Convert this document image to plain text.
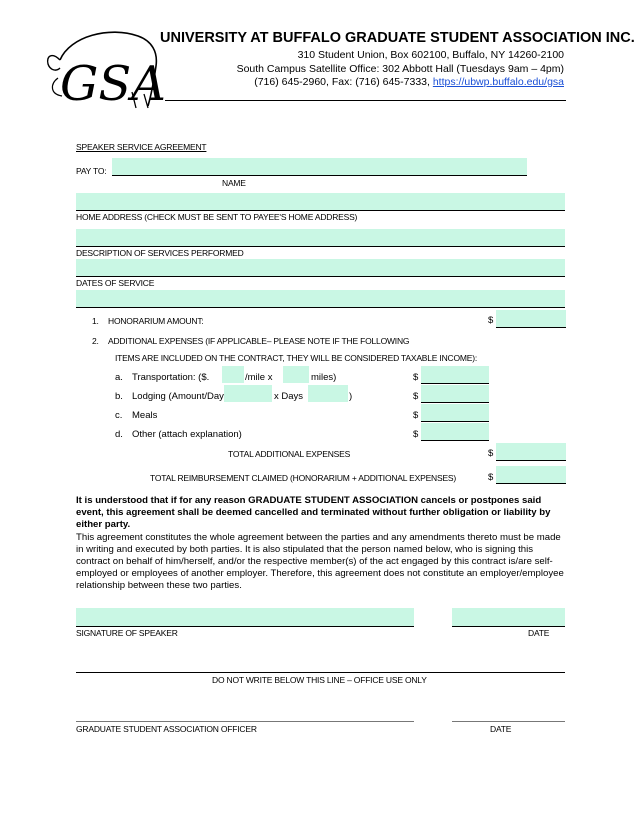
GSA
UNIVERSITY AT BUFFALO GRADUATE STUDENT ASSOCIATION INC.
310 Student Union, Box 602100, Buffalo, NY 14260-2100
South Campus Satellite Office: 302 Abbott Hall (Tuesdays 9am – 4pm)
(716) 645-2960, Fax: (716) 645-7333, https://ubwp.buffalo.edu/gsa
SPEAKER SERVICE AGREEMENT
PAY TO:
NAME
HOME ADDRESS (CHECK MUST BE SENT TO PAYEE'S HOME ADDRESS)
DESCRIPTION OF SERVICES PERFORMED
DATES OF SERVICE
1. HONORARIUM AMOUNT:	$
2. ADDITIONAL EXPENSES (IF APPLICABLE– PLEASE NOTE IF THE FOLLOWING
ITEMS ARE INCLUDED ON THE CONTRACT, THEY WILL BE CONSIDERED TAXABLE INCOME):
a. Transportation: ($.	/mile x	miles)	$
b. Lodging (Amount/Day	x Days	)	$
c. Meals	$
d. Other (attach explanation)	$
TOTAL ADDITIONAL EXPENSES	$
TOTAL REIMBURSEMENT CLAIMED (HONORARIUM + ADDITIONAL EXPENSES)	$
It is understood that if for any reason GRADUATE STUDENT ASSOCIATION cancels or postpones said event, this agreement shall be deemed cancelled and terminated without further obligation or liability by either party.
This agreement constitutes the whole agreement between the parties and any amendments thereto must be made in writing and executed by both parties. It is also stipulated that the person named below, who is signing this contract on behalf of him/herself, and/or the respective member(s) of the act engaged by this contract is/are self-employed or employees of another employer. Therefore, this agreement does not constitute an employer/employee relationship between these two parties.
SIGNATURE OF SPEAKER	DATE
DO NOT WRITE BELOW THIS LINE – OFFICE USE ONLY
GRADUATE STUDENT ASSOCIATION OFFICER	DATE
